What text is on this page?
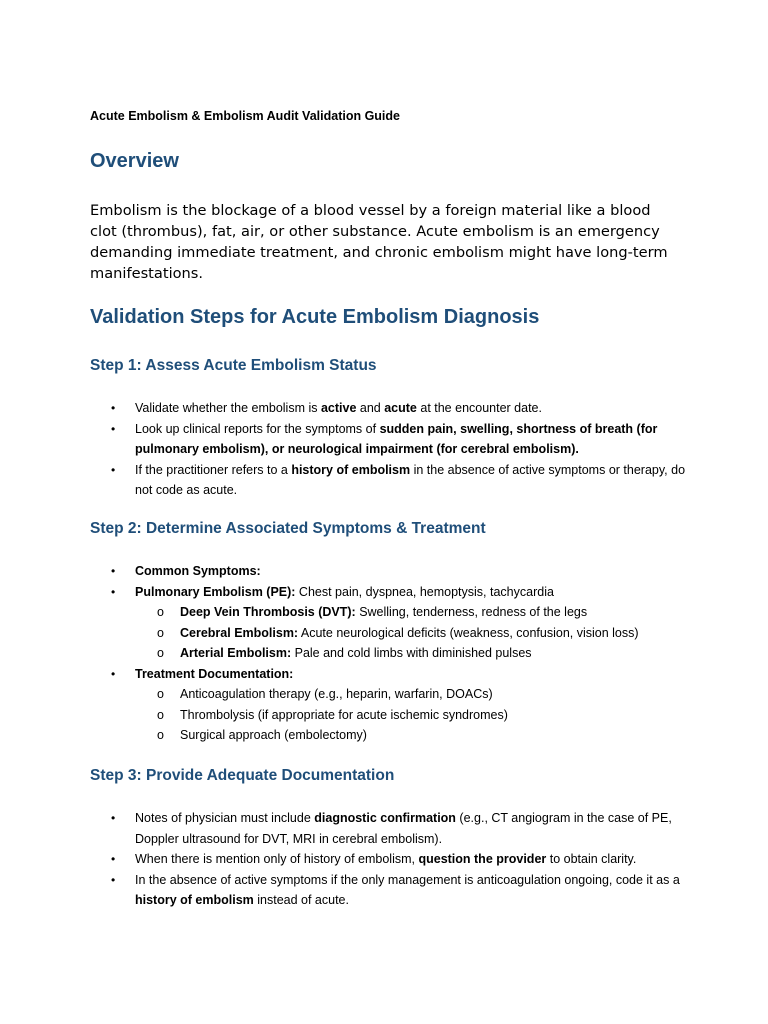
Acute Embolism & Embolism Audit Validation Guide
Overview
Embolism is the blockage of a blood vessel by a foreign material like a blood clot (thrombus), fat, air, or other substance. Acute embolism is an emergency demanding immediate treatment, and chronic embolism might have long-term manifestations.
Validation Steps for Acute Embolism Diagnosis
Step 1: Assess Acute Embolism Status
• Validate whether the embolism is active and acute at the encounter date.
• Look up clinical reports for the symptoms of sudden pain, swelling, shortness of breath (for pulmonary embolism), or neurological impairment (for cerebral embolism).
• If the practitioner refers to a history of embolism in the absence of active symptoms or therapy, do not code as acute.
Step 2: Determine Associated Symptoms & Treatment
• Common Symptoms:
• Pulmonary Embolism (PE): Chest pain, dyspnea, hemoptysis, tachycardia
o Deep Vein Thrombosis (DVT): Swelling, tenderness, redness of the legs
o Cerebral Embolism: Acute neurological deficits (weakness, confusion, vision loss)
o Arterial Embolism: Pale and cold limbs with diminished pulses
• Treatment Documentation:
o Anticoagulation therapy (e.g., heparin, warfarin, DOACs)
o Thrombolysis (if appropriate for acute ischemic syndromes)
o Surgical approach (embolectomy)
Step 3: Provide Adequate Documentation
• Notes of physician must include diagnostic confirmation (e.g., CT angiogram in the case of PE, Doppler ultrasound for DVT, MRI in cerebral embolism).
• When there is mention only of history of embolism, question the provider to obtain clarity.
• In the absence of active symptoms if the only management is anticoagulation ongoing, code it as a history of embolism instead of acute.
